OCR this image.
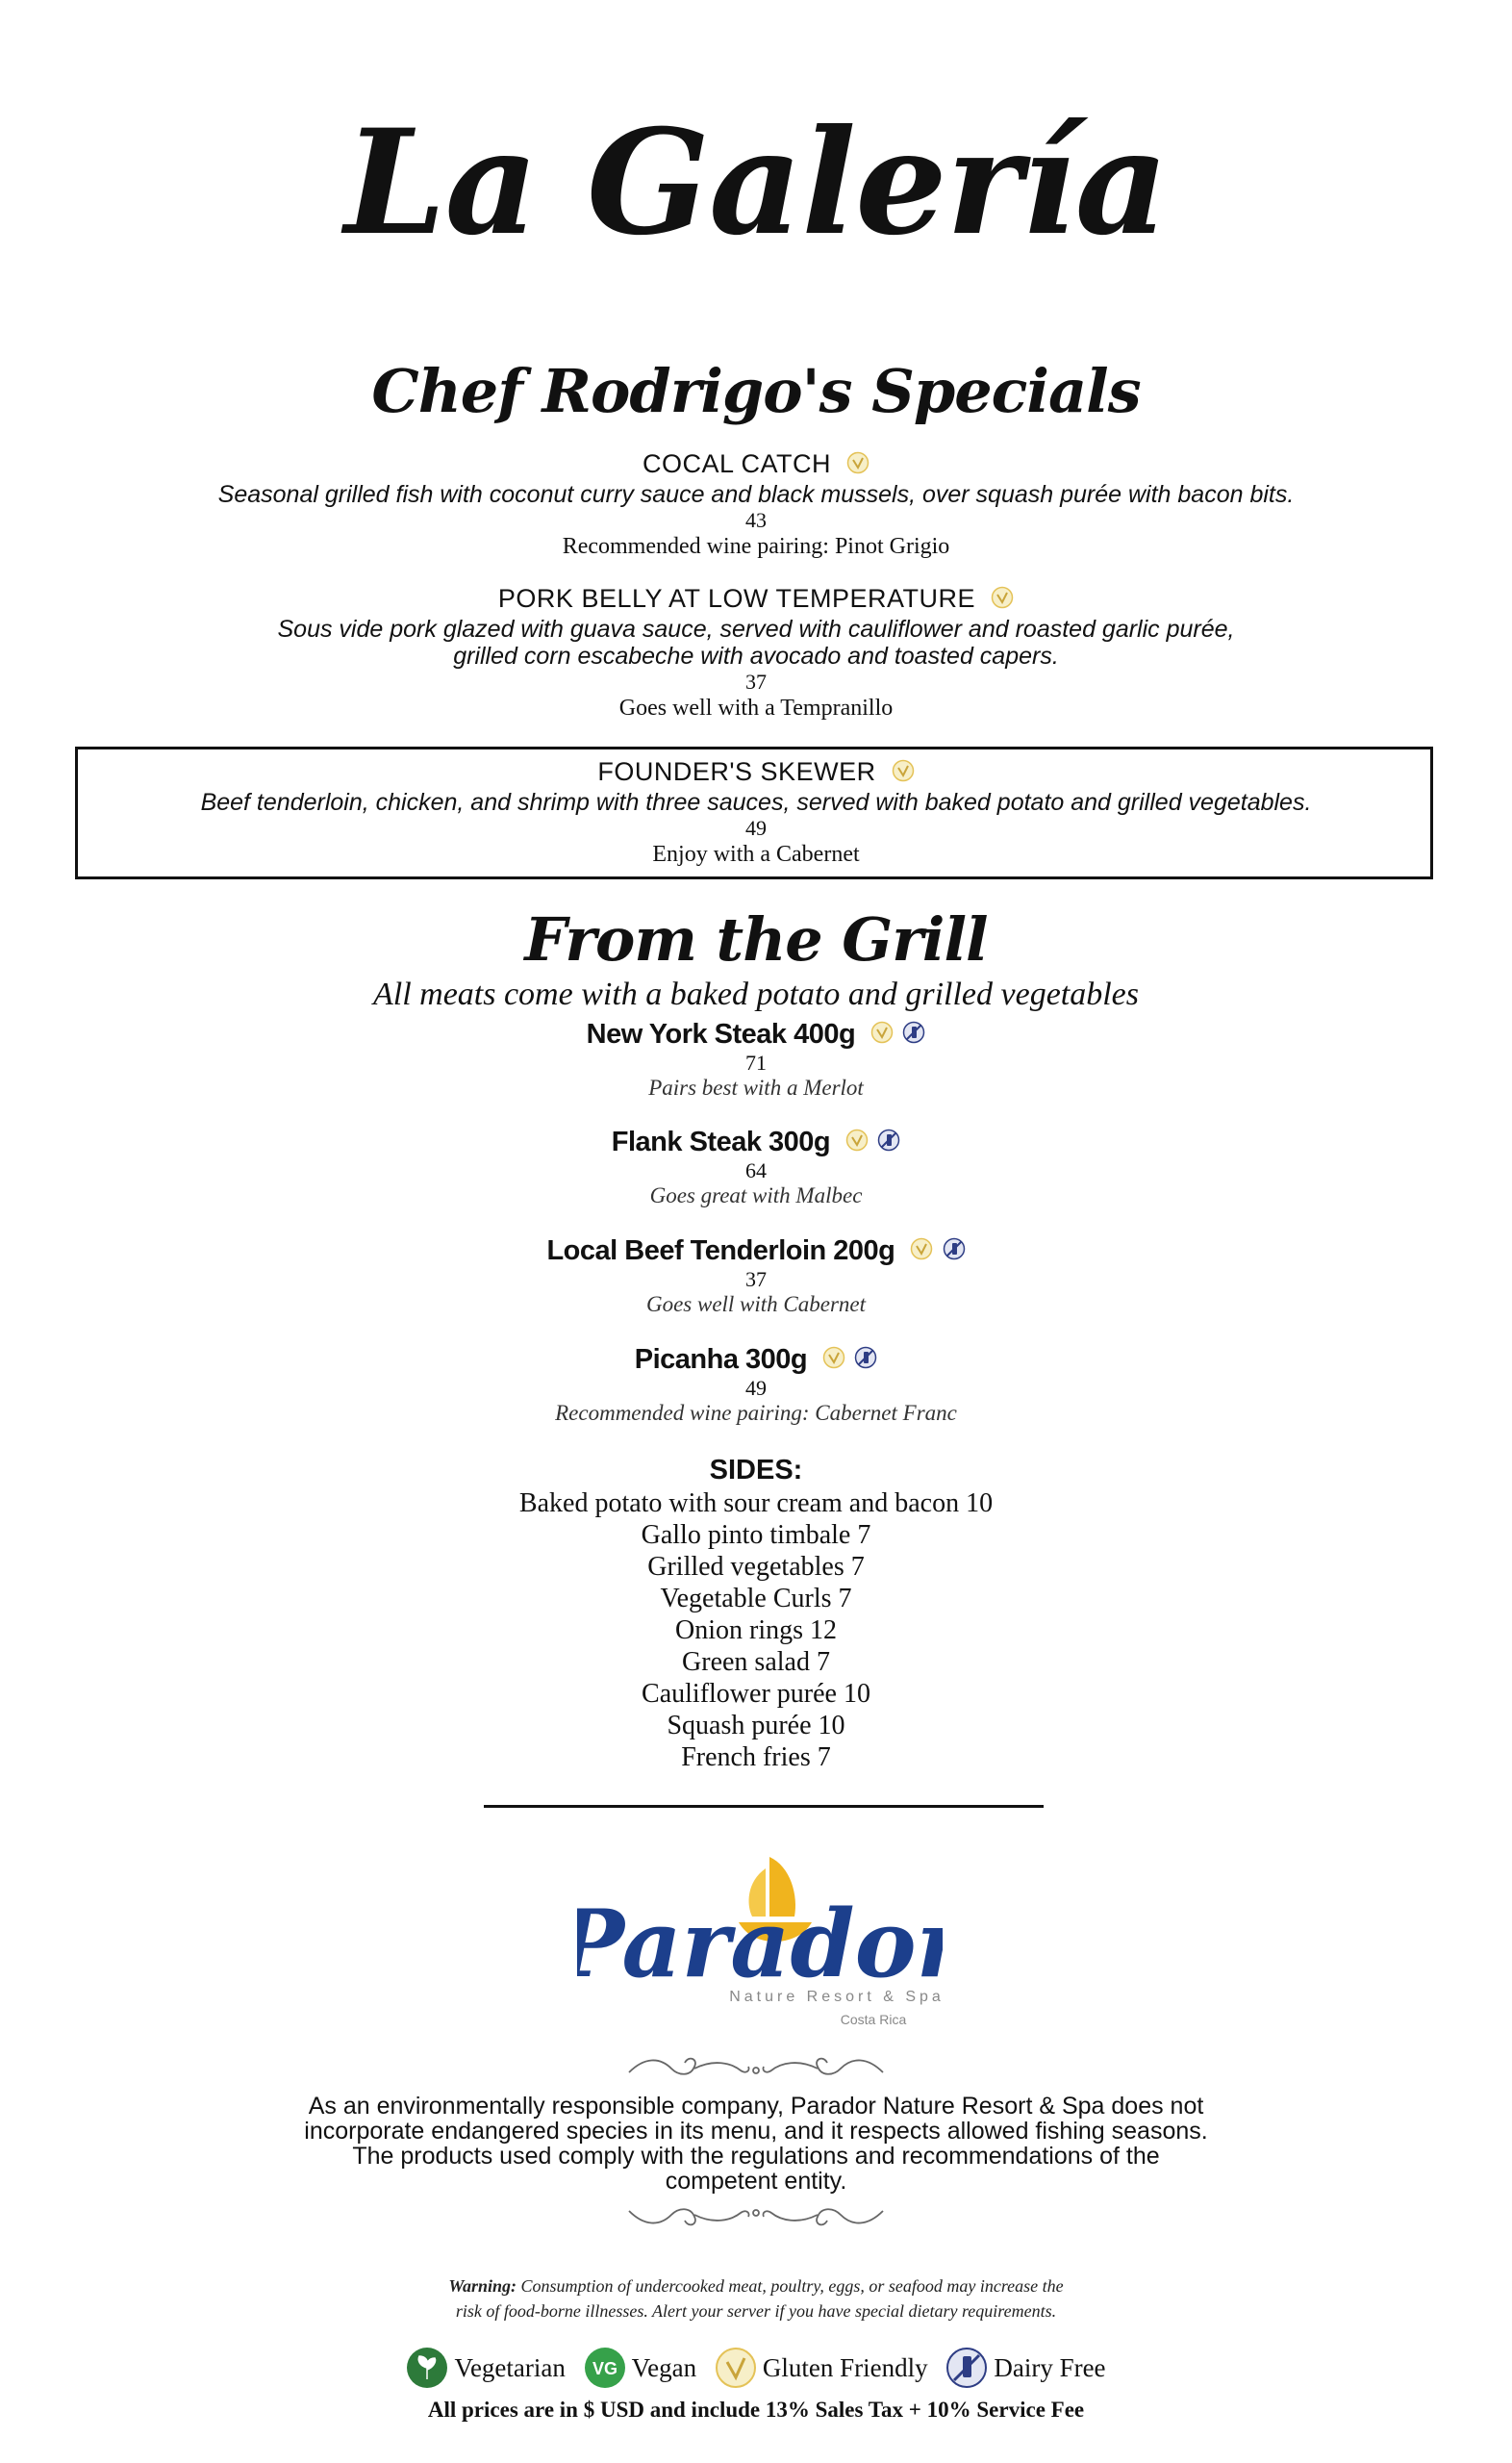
La Galería
Chef Rodrigo's Specials
COCAL CATCH
Seasonal grilled fish with coconut curry sauce and black mussels, over squash purée with bacon bits.
43
Recommended wine pairing: Pinot Grigio
PORK BELLY AT LOW TEMPERATURE
Sous vide pork glazed with guava sauce, served with cauliflower and roasted garlic purée,
grilled corn escabeche with avocado and toasted capers.
37
Goes well with a Tempranillo
FOUNDER'S SKEWER
Beef tenderloin, chicken, and shrimp with three sauces, served with baked potato and grilled vegetables.
49
Enjoy with a Cabernet
From the Grill
All meats come with a baked potato and grilled vegetables
New York Steak 400g
71
Pairs best with a Merlot
Flank Steak 300g
64
Goes great with Malbec
Local Beef Tenderloin 200g
37
Goes well with Cabernet
Picanha 300g
49
Recommended wine pairing: Cabernet Franc
SIDES:
Baked potato with sour cream and bacon 10
Gallo pinto timbale 7
Grilled vegetables 7
Vegetable Curls 7
Onion rings 12
Green salad 7
Cauliflower purée 10
Squash purée 10
French fries 7
arador
Nature Resort & Spa
Costa Rica
As an environmentally responsible company, Parador Nature Resort & Spa does not
incorporate endangered species in its menu, and it respects allowed fishing seasons.
The products used comply with the regulations and recommendations of the
competent entity.
Warning: Consumption of undercooked meat, poultry, eggs, or seafood may increase the
risk of food-borne illnesses. Alert your server if you have special dietary requirements.
Vegetarian
VG Vegan
	Gluten Friendly
	Dairy Free
All prices are in $ USD and include 13% Sales Tax + 10% Service Fee
